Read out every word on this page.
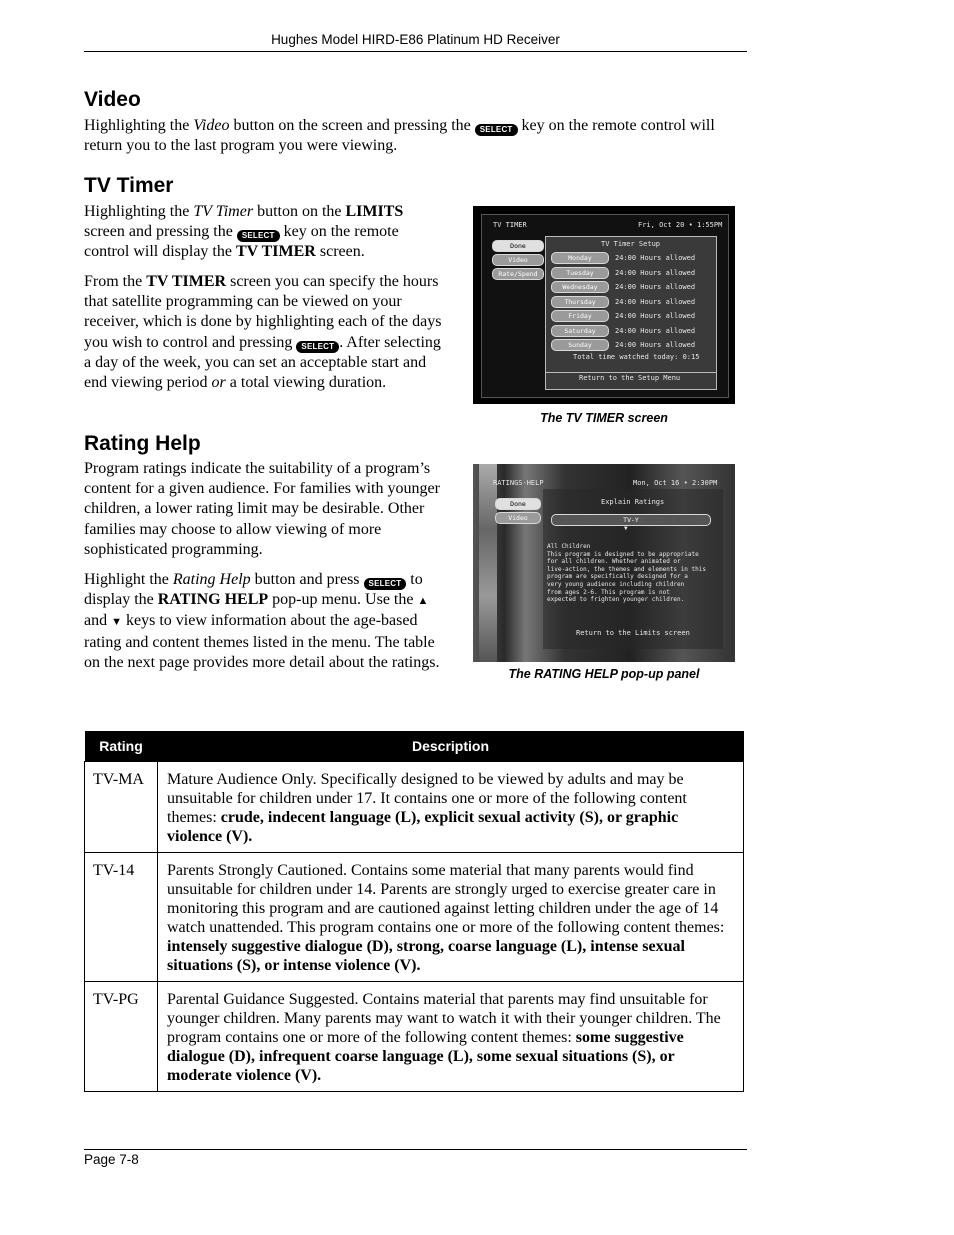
Hughes Model HIRD-E86 Platinum HD Receiver
Video

Highlighting the Video button on the screen and pressing the SELECT key on the remote control will return you to the last program you were viewing.

TV Timer

Highlighting the TV Timer button on the LIMITS screen and pressing the SELECT key on the remote control will display the TV TIMER screen.

From the TV TIMER screen you can specify the hours that satellite programming can be viewed on your receiver, which is done by highlighting each of the days you wish to control and pressing SELECT . After selecting a day of the week, you can set an acceptable start and end viewing period or a total viewing duration.

TV TIMER	Fri, Oct 20 • 1:55PM
Done
Video
Rate/Spend
TV Timer Setup
Total time watched today: 0:15
Return to the Setup Menu
Monday	24:00 Hours allowed
Tuesday	24:00 Hours allowed
Wednesday	24:00 Hours allowed
Thursday	24:00 Hours allowed
Friday	24:00 Hours allowed
Saturday	24:00 Hours allowed
Sunday	24:00 Hours allowed
The TV TIMER screen
Rating Help

Program ratings indicate the suitability of a program’s content for a given audience. For families with younger children, a lower rating limit may be desirable. Other families may choose to allow viewing of more sophisticated programming.

Highlight the Rating Help button and press SELECT to display the RATING HELP pop-up menu. Use the ▲ and ▼ keys to view information about the age-based rating and content themes listed in the menu. The table on the next page provides more detail about the ratings.

RATINGS-HELP	Mon, Oct 16 • 2:30PM
Done
Video
Explain Ratings
TV-Y
▼
Return to the Limits screen
All Children
This program is designed to be appropriate
for all children. Whether animated or
live-action, the themes and elements in this
program are specifically designed for a
very young audience including children
from ages 2-6. This program is not
expected to frighten younger children.
The RATING HELP pop-up panel
Rating	Description
TV-MA	Mature Audience Only. Specifically designed to be viewed by adults and may be unsuitable for children under 17. It contains one or more of the following content themes: crude, indecent language (L), explicit sexual activity (S), or graphic violence (V).
TV-14	Parents Strongly Cautioned. Contains some material that many parents would find unsuitable for children under 14. Parents are strongly urged to exercise greater care in monitoring this program and are cautioned against letting children under the age of 14 watch unattended. This program contains one or more of the following content themes: intensely suggestive dialogue (D), strong, coarse language (L), intense sexual situations (S), or intense violence (V).
TV-PG	Parental Guidance Suggested. Contains material that parents may find unsuitable for younger children. Many parents may want to watch it with their younger children. The program contains one or more of the following content themes: some suggestive dialogue (D), infrequent coarse language (L), some sexual situations (S), or moderate violence (V).
Page 7-8
